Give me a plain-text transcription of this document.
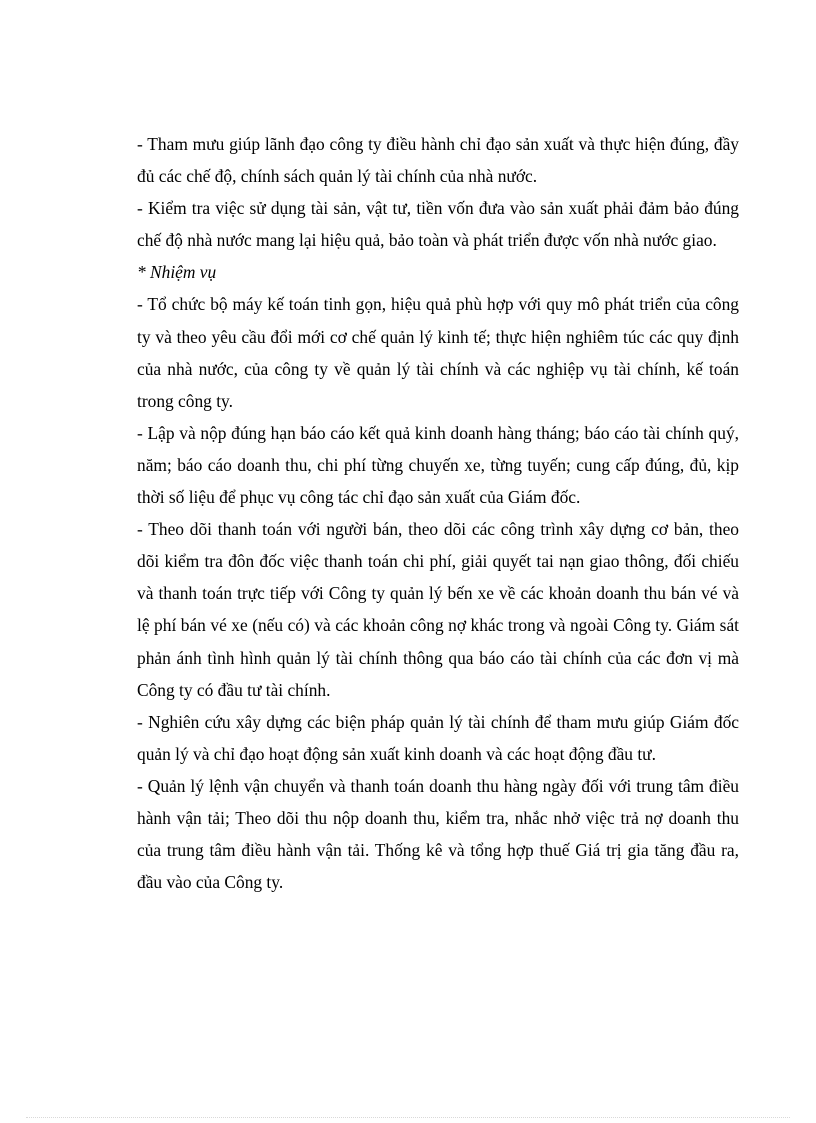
- Tham mưu giúp lãnh đạo công ty điều hành chỉ đạo sản xuất và thực hiện đúng, đầy đủ các chế độ, chính sách quản lý tài chính của nhà nước.

- Kiểm tra việc sử dụng tài sản, vật tư, tiền vốn đưa vào sản xuất phải đảm bảo đúng chế độ nhà nước mang lại hiệu quả, bảo toàn và phát triển được vốn nhà nước giao.

* Nhiệm vụ

- Tổ chức bộ máy kế toán tinh gọn, hiệu quả phù hợp với quy mô phát triển của công ty và theo yêu cầu đổi mới cơ chế quản lý kinh tế; thực hiện nghiêm túc các quy định của nhà nước, của công ty về quản lý tài chính và các nghiệp vụ tài chính, kế toán trong công ty.

- Lập và nộp đúng hạn báo cáo kết quả kinh doanh hàng tháng; báo cáo tài chính quý, năm; báo cáo doanh thu, chi phí từng chuyến xe, từng tuyến; cung cấp đúng, đủ, kịp thời số liệu để phục vụ công tác chỉ đạo sản xuất của Giám đốc.

- Theo dõi thanh toán với người bán, theo dõi các công trình xây dựng cơ bản, theo dõi kiểm tra đôn đốc việc thanh toán chi phí, giải quyết tai nạn giao thông, đối chiếu và thanh toán trực tiếp với Công ty quản lý bến xe về các khoản doanh thu bán vé và lệ phí bán vé xe (nếu có) và các khoản công nợ khác trong và ngoài Công ty. Giám sát phản ánh tình hình quản lý tài chính thông qua báo cáo tài chính của các đơn vị mà Công ty có đầu tư tài chính.

- Nghiên cứu xây dựng các biện pháp quản lý tài chính để tham mưu giúp Giám đốc quản lý và chỉ đạo hoạt động sản xuất kinh doanh và các hoạt động đầu tư.

- Quản lý lệnh vận chuyển và thanh toán doanh thu hàng ngày đối với trung tâm điều hành vận tải; Theo dõi thu nộp doanh thu, kiểm tra, nhắc nhở việc trả nợ doanh thu của trung tâm điều hành vận tải. Thống kê và tổng hợp thuế Giá trị gia tăng đầu ra, đầu vào của Công ty.
